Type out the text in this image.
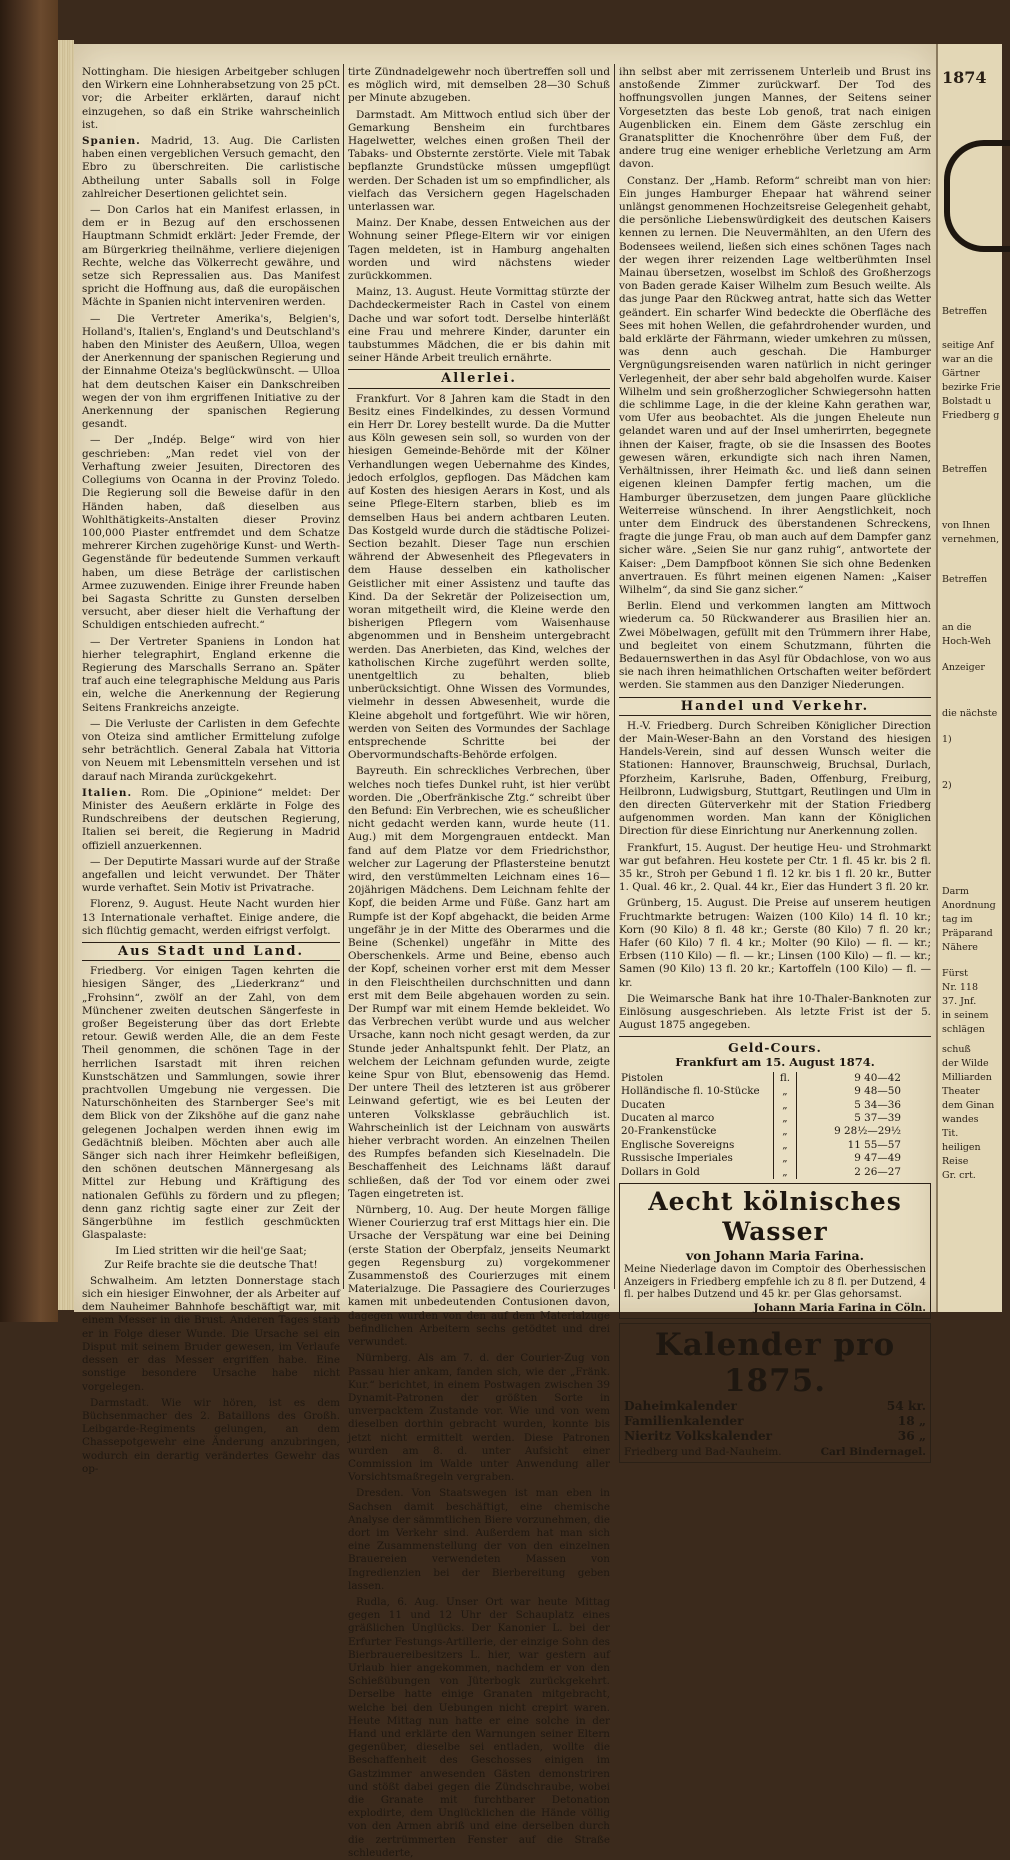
Nottingham. Die hiesigen Arbeitgeber schlugen den Wirkern eine Lohnherabsetzung von 25 pCt. vor; die Arbeiter erklärten, darauf nicht einzugehen, so daß ein Strike wahrscheinlich ist.

Spanien. Madrid, 13. Aug. Die Carlisten haben einen vergeblichen Versuch gemacht, den Ebro zu überschreiten. Die carlistische Abtheilung unter Saballs soll in Folge zahlreicher Desertionen gelichtet sein.

— Don Carlos hat ein Manifest erlassen, in dem er in Bezug auf den erschossenen Hauptmann Schmidt erklärt: Jeder Fremde, der am Bürgerkrieg theilnähme, verliere diejenigen Rechte, welche das Völkerrecht gewähre, und setze sich Repressalien aus. Das Manifest spricht die Hoffnung aus, daß die europäischen Mächte in Spanien nicht interveniren werden.

— Die Vertreter Amerika's, Belgien's, Holland's, Italien's, England's und Deutschland's haben den Minister des Aeußern, Ulloa, wegen der Anerkennung der spanischen Regierung und der Einnahme Oteiza's beglückwünscht. — Ulloa hat dem deutschen Kaiser ein Dankschreiben wegen der von ihm ergriffenen Initiative zu der Anerkennung der spanischen Regierung gesandt.

— Der „Indép. Belge“ wird von hier geschrieben: „Man redet viel von der Verhaftung zweier Jesuiten, Directoren des Collegiums von Ocanna in der Provinz Toledo. Die Regierung soll die Beweise dafür in den Händen haben, daß dieselben aus Wohlthätigkeits-Anstalten dieser Provinz 100,000 Piaster entfremdet und dem Schatze mehrerer Kirchen zugehörige Kunst- und Werth-Gegenstände für bedeutende Summen verkauft haben, um diese Beträge der carlistischen Armee zuzuwenden. Einige ihrer Freunde haben bei Sagasta Schritte zu Gunsten derselben versucht, aber dieser hielt die Verhaftung der Schuldigen entschieden aufrecht.“

— Der Vertreter Spaniens in London hat hierher telegraphirt, England erkenne die Regierung des Marschalls Serrano an. Später traf auch eine telegraphische Meldung aus Paris ein, welche die Anerkennung der Regierung Seitens Frankreichs anzeigte.

— Die Verluste der Carlisten in dem Gefechte von Oteiza sind amtlicher Ermittelung zufolge sehr beträchtlich. General Zabala hat Vittoria von Neuem mit Lebensmitteln versehen und ist darauf nach Miranda zurückgekehrt.

Italien. Rom. Die „Opinione“ meldet: Der Minister des Aeußern erklärte in Folge des Rundschreibens der deutschen Regierung, Italien sei bereit, die Regierung in Madrid offiziell anzuerkennen.

— Der Deputirte Massari wurde auf der Straße angefallen und leicht verwundet. Der Thäter wurde verhaftet. Sein Motiv ist Privatrache.

Florenz, 9. August. Heute Nacht wurden hier 13 Internationale verhaftet. Einige andere, die sich flüchtig gemacht, werden eifrigst verfolgt.

Aus Stadt und Land.

Friedberg. Vor einigen Tagen kehrten die hiesigen Sänger, des „Liederkranz“ und „Frohsinn“, zwölf an der Zahl, von dem Münchener zweiten deutschen Sängerfeste in großer Begeisterung über das dort Erlebte retour. Gewiß werden Alle, die an dem Feste Theil genommen, die schönen Tage in der herrlichen Isarstadt mit ihren reichen Kunstschätzen und Sammlungen, sowie ihrer prachtvollen Umgebung nie vergessen. Die Naturschönheiten des Starnberger See's mit dem Blick von der Zikshöhe auf die ganz nahe gelegenen Jochalpen werden ihnen ewig im Gedächtniß bleiben. Möchten aber auch alle Sänger sich nach ihrer Heimkehr befleißigen, den schönen deutschen Männergesang als Mittel zur Hebung und Kräftigung des nationalen Gefühls zu fördern und zu pflegen; denn ganz richtig sagte einer zur Zeit der Sängerbühne im festlich geschmückten Glaspalaste:

Im Lied stritten wir die heil'ge Saat;

Zur Reife brachte sie die deutsche That!

Schwalheim. Am letzten Donnerstage stach sich ein hiesiger Einwohner, der als Arbeiter auf dem Nauheimer Bahnhofe beschäftigt war, mit einem Messer in die Brust. Anderen Tages starb er in Folge dieser Wunde. Die Ursache sei ein Disput mit seinem Bruder gewesen, im Verlaufe dessen er das Messer ergriffen habe. Eine sonstige besondere Ursache habe nicht vorgelegen.

Darmstadt. Wie wir hören, ist es dem Büchsenmacher des 2. Bataillons des Großh. Leibgarde-Regiments gelungen, an dem Chassepotgewehr eine Änderung anzubringen, wodurch ein derartig verändertes Gewehr das op-

tirte Zündnadelgewehr noch übertreffen soll und es möglich wird, mit demselben 28—30 Schuß per Minute abzugeben.

Darmstadt. Am Mittwoch entlud sich über der Gemarkung Bensheim ein furchtbares Hagelwetter, welches einen großen Theil der Tabaks- und Obsternte zerstörte. Viele mit Tabak bepflanzte Grundstücke müssen umgepflügt werden. Der Schaden ist um so empfindlicher, als vielfach das Versichern gegen Hagelschaden unterlassen war.

Mainz. Der Knabe, dessen Entweichen aus der Wohnung seiner Pflege-Eltern wir vor einigen Tagen meldeten, ist in Hamburg angehalten worden und wird nächstens wieder zurückkommen.

Mainz, 13. August. Heute Vormittag stürzte der Dachdeckermeister Rach in Castel von einem Dache und war sofort todt. Derselbe hinterläßt eine Frau und mehrere Kinder, darunter ein taubstummes Mädchen, die er bis dahin mit seiner Hände Arbeit treulich ernährte.

Allerlei.

Frankfurt. Vor 8 Jahren kam die Stadt in den Besitz eines Findelkindes, zu dessen Vormund ein Herr Dr. Lorey bestellt wurde. Da die Mutter aus Köln gewesen sein soll, so wurden von der hiesigen Gemeinde-Behörde mit der Kölner Verhandlungen wegen Uebernahme des Kindes, jedoch erfolglos, gepflogen. Das Mädchen kam auf Kosten des hiesigen Aerars in Kost, und als seine Pflege-Eltern starben, blieb es im demselben Haus bei andern achtbaren Leuten. Das Kostgeld wurde durch die städtische Polizei-Section bezahlt. Dieser Tage nun erschien während der Abwesenheit des Pflegevaters in dem Hause desselben ein katholischer Geistlicher mit einer Assistenz und taufte das Kind. Da der Sekretär der Polizeisection um, woran mitgetheilt wird, die Kleine werde den bisherigen Pflegern vom Waisenhause abgenommen und in Bensheim untergebracht werden. Das Anerbieten, das Kind, welches der katholischen Kirche zugeführt werden sollte, unentgeltlich zu behalten, blieb unberücksichtigt. Ohne Wissen des Vormundes, vielmehr in dessen Abwesenheit, wurde die Kleine abgeholt und fortgeführt. Wie wir hören, werden von Seiten des Vormundes der Sachlage entsprechende Schritte bei der Obervormundschafts-Behörde erfolgen.

Bayreuth. Ein schreckliches Verbrechen, über welches noch tiefes Dunkel ruht, ist hier verübt worden. Die „Oberfränkische Ztg.“ schreibt über den Befund: Ein Verbrechen, wie es scheußlicher nicht gedacht werden kann, wurde heute (11. Aug.) mit dem Morgengrauen entdeckt. Man fand auf dem Platze vor dem Friedrichsthor, welcher zur Lagerung der Pflastersteine benutzt wird, den verstümmelten Leichnam eines 16—20jährigen Mädchens. Dem Leichnam fehlte der Kopf, die beiden Arme und Füße. Ganz hart am Rumpfe ist der Kopf abgehackt, die beiden Arme ungefähr je in der Mitte des Oberarmes und die Beine (Schenkel) ungefähr in Mitte des Oberschenkels. Arme und Beine, ebenso auch der Kopf, scheinen vorher erst mit dem Messer in den Fleischtheilen durchschnitten und dann erst mit dem Beile abgehauen worden zu sein. Der Rumpf war mit einem Hemde bekleidet. Wo das Verbrechen verübt wurde und aus welcher Ursache, kann noch nicht gesagt werden, da zur Stunde jeder Anhaltspunkt fehlt. Der Platz, an welchem der Leichnam gefunden wurde, zeigte keine Spur von Blut, ebensowenig das Hemd. Der untere Theil des letzteren ist aus gröberer Leinwand gefertigt, wie es bei Leuten der unteren Volksklasse gebräuchlich ist. Wahrscheinlich ist der Leichnam von auswärts hieher verbracht worden. An einzelnen Theilen des Rumpfes befanden sich Kieselnadeln. Die Beschaffenheit des Leichnams läßt darauf schließen, daß der Tod vor einem oder zwei Tagen eingetreten ist.

Nürnberg, 10. Aug. Der heute Morgen fällige Wiener Courierzug traf erst Mittags hier ein. Die Ursache der Verspätung war eine bei Deining (erste Station der Oberpfalz, jenseits Neumarkt gegen Regensburg zu) vorgekommener Zusammenstoß des Courierzuges mit einem Materialzuge. Die Passagiere des Courierzuges kamen mit unbedeutenden Contusionen davon, dagegen wurden von den auf dem Materialzuge befindlichen Arbeitern sechs getödtet und drei verwundet.

Nürnberg. Als am 7. d. der Courier-Zug von Passau hier ankam, fanden sich, wie der „Fränk. Kur.“ berichtet, in einem Postwagen zwischen 39 Dynamit-Patronen der größten Sorte in unverpacktem Zustande vor. Wie und von wem dieselben dorthin gebracht wurden, konnte bis jetzt nicht ermittelt werden. Diese Patronen wurden am 8. d. unter Aufsicht einer Commission im Walde unter Anwendung aller Vorsichtsmaßregeln vergraben.

Dresden. Von Staatswegen ist man eben in Sachsen damit beschäftigt, eine chemische Analyse der sämmtlichen Biere vorzunehmen, die dort im Verkehr sind. Außerdem hat man sich eine Zusammenstellung der von den einzelnen Brauereien verwendeten Massen von Ingredienzien bei der Bierbereitung geben lassen.

Rudla, 6. Aug. Unser Ort war heute Mittag gegen 11 und 12 Uhr der Schauplatz eines gräßlichen Unglücks. Der Kanonier L. bei der Erfurter Festungs-Artillerie, der einzige Sohn des Bierbrauereibesitzers L. hier, war gestern auf Urlaub hier angekommen, nachdem er von den Schießübungen von Jüterbogk zurückgekehrt. Derselbe hatte einige Granaten mitgebracht, welche bei den Uebungen nicht crepirt waren. Heute Mittag nun hatte er eine solche in der Hand und erklärte den Warnungen seiner Eltern gegenüber, dieselbe sei entladen, wollte die Beschaffenheit des Geschosses einigen im Gastzimmer anwesenden Gästen demonstriren und stößt dabei gegen die Zündschraube, wobei die Granate mit furchtbarer Detonation explodirte, dem Unglücklichen die Hände völlig von den Armen abriß und eine derselben durch die zertrümmerten Fenster auf die Straße schleuderte,

ihn selbst aber mit zerrissenem Unterleib und Brust ins anstoßende Zimmer zurückwarf. Der Tod des hoffnungsvollen jungen Mannes, der Seitens seiner Vorgesetzten das beste Lob genoß, trat nach einigen Augenblicken ein. Einem dem Gäste zerschlug ein Granatsplitter die Knochenröhre über dem Fuß, der andere trug eine weniger erhebliche Verletzung am Arm davon.

Constanz. Der „Hamb. Reform“ schreibt man von hier: Ein junges Hamburger Ehepaar hat während seiner unlängst genommenen Hochzeitsreise Gelegenheit gehabt, die persönliche Liebenswürdigkeit des deutschen Kaisers kennen zu lernen. Die Neuvermählten, an den Ufern des Bodensees weilend, ließen sich eines schönen Tages nach der wegen ihrer reizenden Lage weltberühmten Insel Mainau übersetzen, woselbst im Schloß des Großherzogs von Baden gerade Kaiser Wilhelm zum Besuch weilte. Als das junge Paar den Rückweg antrat, hatte sich das Wetter geändert. Ein scharfer Wind bedeckte die Oberfläche des Sees mit hohen Wellen, die gefahrdrohender wurden, und bald erklärte der Fährmann, wieder umkehren zu müssen, was denn auch geschah. Die Hamburger Vergnügungsreisenden waren natürlich in nicht geringer Verlegenheit, der aber sehr bald abgeholfen wurde. Kaiser Wilhelm und sein großherzoglicher Schwiegersohn hatten die schlimme Lage, in die der kleine Kahn gerathen war, vom Ufer aus beobachtet. Als die jungen Eheleute nun gelandet waren und auf der Insel umherirrten, begegnete ihnen der Kaiser, fragte, ob sie die Insassen des Bootes gewesen wären, erkundigte sich nach ihren Namen, Verhältnissen, ihrer Heimath &c. und ließ dann seinen eigenen kleinen Dampfer fertig machen, um die Hamburger überzusetzen, dem jungen Paare glückliche Weiterreise wünschend. In ihrer Aengstlichkeit, noch unter dem Eindruck des überstandenen Schreckens, fragte die junge Frau, ob man auch auf dem Dampfer ganz sicher wäre. „Seien Sie nur ganz ruhig“, antwortete der Kaiser: „Dem Dampfboot können Sie sich ohne Bedenken anvertrauen. Es führt meinen eigenen Namen: „Kaiser Wilhelm“, da sind Sie ganz sicher.“

Berlin. Elend und verkommen langten am Mittwoch wiederum ca. 50 Rückwanderer aus Brasilien hier an. Zwei Möbelwagen, gefüllt mit den Trümmern ihrer Habe, und begleitet von einem Schutzmann, führten die Bedauernswerthen in das Asyl für Obdachlose, von wo aus sie nach ihren heimathlichen Ortschaften weiter befördert werden. Sie stammen aus den Danziger Niederungen.

Handel und Verkehr.

H.-V. Friedberg. Durch Schreiben Königlicher Direction der Main-Weser-Bahn an den Vorstand des hiesigen Handels-Verein, sind auf dessen Wunsch weiter die Stationen: Hannover, Braunschweig, Bruchsal, Durlach, Pforzheim, Karlsruhe, Baden, Offenburg, Freiburg, Heilbronn, Ludwigsburg, Stuttgart, Reutlingen und Ulm in den directen Güterverkehr mit der Station Friedberg aufgenommen worden. Man kann der Königlichen Direction für diese Einrichtung nur Anerkennung zollen.

Frankfurt, 15. August. Der heutige Heu- und Strohmarkt war gut befahren. Heu kostete per Ctr. 1 fl. 45 kr. bis 2 fl. 35 kr., Stroh per Gebund 1 fl. 12 kr. bis 1 fl. 20 kr., Butter 1. Qual. 46 kr., 2. Qual. 44 kr., Eier das Hundert 3 fl. 20 kr.

Grünberg, 15. August. Die Preise auf unserem heutigen Fruchtmarkte betrugen: Waizen (100 Kilo) 14 fl. 10 kr.; Korn (90 Kilo) 8 fl. 48 kr.; Gerste (80 Kilo) 7 fl. 20 kr.; Hafer (60 Kilo) 7 fl. 4 kr.; Molter (90 Kilo) — fl. — kr.; Erbsen (110 Kilo) — fl. — kr.; Linsen (100 Kilo) — fl. — kr.; Samen (90 Kilo) 13 fl. 20 kr.; Kartoffeln (100 Kilo) — fl. — kr.

Die Weimarsche Bank hat ihre 10-Thaler-Banknoten zur Einlösung ausgeschrieben. Als letzte Frist ist der 5. August 1875 angegeben.

Geld-Cours.
Frankfurt am 15. August 1874.
Pistolen	fl.	9 40—42
Holländische fl. 10-Stücke	„	9 48—50
Ducaten	„	5 34—36
Ducaten al marco	„	5 37—39
20-Frankenstücke	„	9 28½—29½
Englische Sovereigns	„	11 55—57
Russische Imperiales	„	9 47—49
Dollars in Gold	„	2 26—27
Aecht kölnisches Wasser
von Johann Maria Farina.
Meine Niederlage davon im Comptoir des Oberhessischen Anzeigers in Friedberg empfehle ich zu 8 fl. per Dutzend, 4 fl. per halbes Dutzend und 45 kr. per Glas gehorsamst.
Johann Maria Farina in Cöln.
Kalender pro 1875.
Daheimkalender	54 kr.
Familienkalender	18 „
Nieritz Volkskalender	36 „
Friedberg und Bad-Nauheim.	Carl Bindernagel.
1874
Betreffen
seitige Anf
war an die
Gärtner
bezirke Frie
Bolstadt u
Friedberg g
Betreffen
von Ihnen
vernehmen,
Betreffen
an die
Hoch-Weh
Anzeiger
die nächste
1)
2)
Darm
Anordnung
tag im
Präparand
Nähere
Fürst
Nr. 118
37. Jnf.
in seinem
schlägen
schuß
der Wilde
Milliarden
Theater
dem Ginan
wandes
Tit.
heiligen
Reise
Gr. crt.
